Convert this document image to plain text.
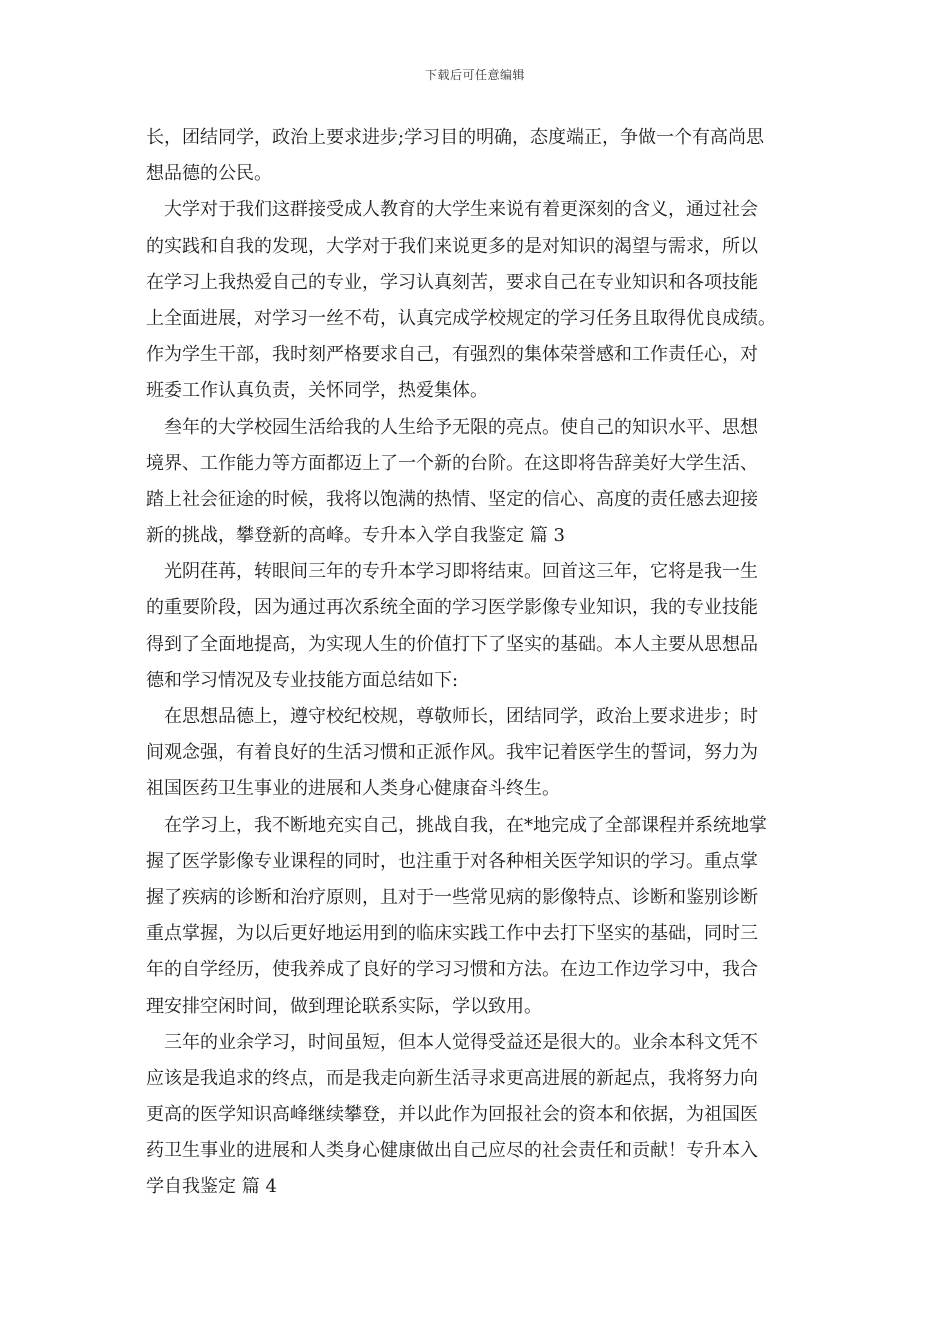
下载后可任意编辑
长，团结同学，政治上要求进步;学习目的明确，态度端正，争做一个有高尚思
想品德的公民。
大学对于我们这群接受成人教育的大学生来说有着更深刻的含义，通过社会
的实践和自我的发现，大学对于我们来说更多的是对知识的渴望与需求，所以
在学习上我热爱自己的专业，学习认真刻苦，要求自己在专业知识和各项技能
上全面进展，对学习一丝不苟，认真完成学校规定的学习任务且取得优良成绩。
作为学生干部，我时刻严格要求自己，有强烈的集体荣誉感和工作责任心，对
班委工作认真负责，关怀同学，热爱集体。
叁年的大学校园生活给我的人生给予无限的亮点。使自己的知识水平、思想
境界、工作能力等方面都迈上了一个新的台阶。在这即将告辞美好大学生活、
踏上社会征途的时候，我将以饱满的热情、坚定的信心、高度的责任感去迎接
新的挑战，攀登新的高峰。专升本入学自我鉴定 篇 3
光阴荏苒，转眼间三年的专升本学习即将结束。回首这三年，它将是我一生
的重要阶段，因为通过再次系统全面的学习医学影像专业知识，我的专业技能
得到了全面地提高，为实现人生的价值打下了坚实的基础。本人主要从思想品
德和学习情况及专业技能方面总结如下:
在思想品德上，遵守校纪校规，尊敬师长，团结同学，政治上要求进步；时
间观念强，有着良好的生活习惯和正派作风。我牢记着医学生的誓词，努力为
祖国医药卫生事业的进展和人类身心健康奋斗终生。
在学习上，我不断地充实自己，挑战自我，在*地完成了全部课程并系统地掌
握了医学影像专业课程的同时，也注重于对各种相关医学知识的学习。重点掌
握了疾病的诊断和治疗原则，且对于一些常见病的影像特点、诊断和鉴别诊断
重点掌握，为以后更好地运用到的临床实践工作中去打下坚实的基础，同时三
年的自学经历，使我养成了良好的学习习惯和方法。在边工作边学习中，我合
理安排空闲时间，做到理论联系实际，学以致用。
三年的业余学习，时间虽短，但本人觉得受益还是很大的。业余本科文凭不
应该是我追求的终点，而是我走向新生活寻求更高进展的新起点，我将努力向
更高的医学知识高峰继续攀登，并以此作为回报社会的资本和依据，为祖国医
药卫生事业的进展和人类身心健康做出自己应尽的社会责任和贡献！专升本入
学自我鉴定 篇 4
